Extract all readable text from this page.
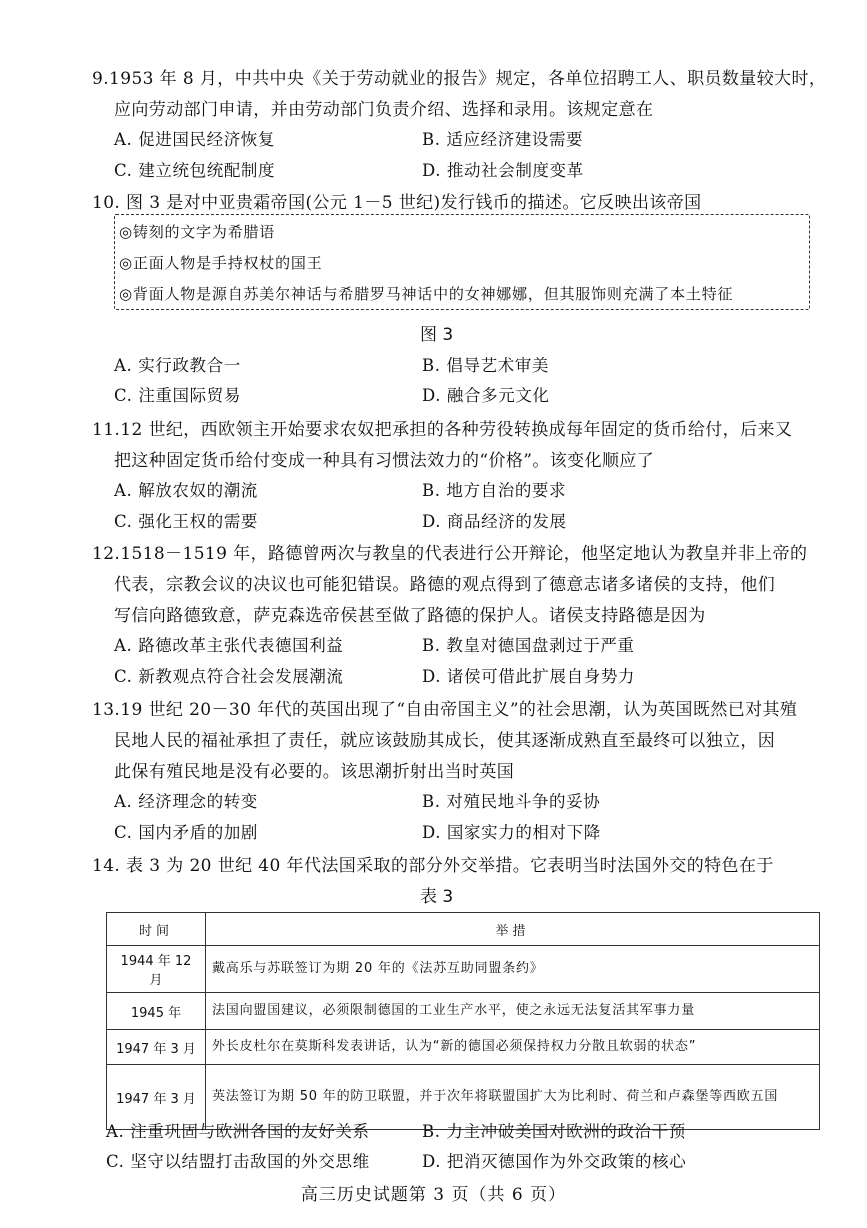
9.1953 年 8 月，中共中央《关于劳动就业的报告》规定，各单位招聘工人、职员数量较大时，
应向劳动部门申请，并由劳动部门负责介绍、选择和录用。该规定意在
A. 促进国民经济恢复	B. 适应经济建设需要
C. 建立统包统配制度	D. 推动社会制度变革
10. 图 3 是对中亚贵霜帝国(公元 1－5 世纪)发行钱币的描述。它反映出该帝国
◎铸刻的文字为希腊语
◎正面人物是手持权杖的国王
◎背面人物是源自苏美尔神话与希腊罗马神话中的女神娜娜，但其服饰则充满了本土特征
图 3
A. 实行政教合一	B. 倡导艺术审美
C. 注重国际贸易	D. 融合多元文化
11.12 世纪，西欧领主开始要求农奴把承担的各种劳役转换成每年固定的货币给付，后来又
把这种固定货币给付变成一种具有习惯法效力的“价格”。该变化顺应了
A. 解放农奴的潮流	B. 地方自治的要求
C. 强化王权的需要	D. 商品经济的发展
12.1518－1519 年，路德曾两次与教皇的代表进行公开辩论，他坚定地认为教皇并非上帝的
代表，宗教会议的决议也可能犯错误。路德的观点得到了德意志诸多诸侯的支持，他们
写信向路德致意，萨克森选帝侯甚至做了路德的保护人。诸侯支持路德是因为
A. 路德改革主张代表德国利益	B. 教皇对德国盘剥过于严重
C. 新教观点符合社会发展潮流	D. 诸侯可借此扩展自身势力
13.19 世纪 20－30 年代的英国出现了“自由帝国主义”的社会思潮，认为英国既然已对其殖
民地人民的福祉承担了责任，就应该鼓励其成长，使其逐渐成熟直至最终可以独立，因
此保有殖民地是没有必要的。该思潮折射出当时英国
A. 经济理念的转变	B. 对殖民地斗争的妥协
C. 国内矛盾的加剧	D. 国家实力的相对下降
14. 表 3 为 20 世纪 40 年代法国采取的部分外交举措。它表明当时法国外交的特色在于
表 3
时间	举措
1944 年 12 月	戴高乐与苏联签订为期 20 年的《法苏互助同盟条约》
1945 年	法国向盟国建议，必须限制德国的工业生产水平，使之永远无法复活其军事力量
1947 年 3 月	外长皮杜尔在莫斯科发表讲话，认为“新的德国必须保持权力分散且软弱的状态”
1947 年 3 月	英法签订为期 50 年的防卫联盟，并于次年将联盟国扩大为比利时、荷兰和卢森堡等西欧五国
A. 注重巩固与欧洲各国的友好关系	B. 力主冲破美国对欧洲的政治干预
C. 坚守以结盟打击敌国的外交思维	D. 把消灭德国作为外交政策的核心
高三历史试题第 3 页（共 6 页）
